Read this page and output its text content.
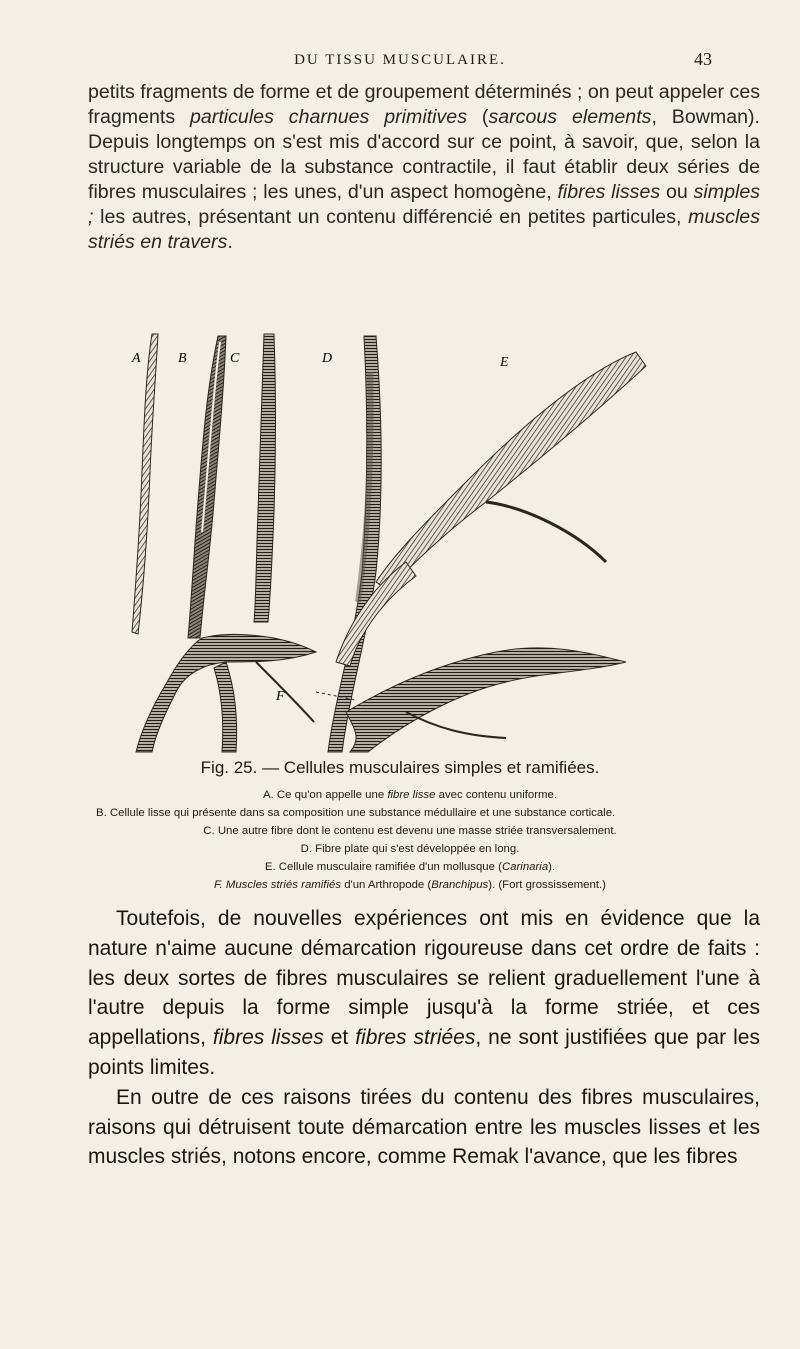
DU TISSU MUSCULAIRE.	43

petits fragments de forme et de groupement déterminés ; on peut appeler ces fragments particules charnues primitives (sarcous elements, Bowman). Depuis longtemps on s'est mis d'accord sur ce point, à savoir, que, selon la structure variable de la substance contractile, il faut établir deux séries de fibres musculaires ; les unes, d'un aspect homogène, fibres lisses ou simples ; les autres, présentant un contenu différencié en petites particules, muscles striés en travers.

A	B	C	D	E
F
Fig. 25. — Cellules musculaires simples et ramifiées.
A. Ce qu'on appelle une fibre lisse avec contenu uniforme.
B. Cellule lisse qui présente dans sa composition une substance médullaire et une substance corticale.
C. Une autre fibre dont le contenu est devenu une masse striée transversalement.
D. Fibre plate qui s'est développée en long.
E. Cellule musculaire ramifiée d'un mollusque (Carinaria).
F. Muscles striés ramifiés d'un Arthropode (Branchipus). (Fort grossissement.)

Toutefois, de nouvelles expériences ont mis en évidence que la nature n'aime aucune démarcation rigoureuse dans cet ordre de faits : les deux sortes de fibres musculaires se relient graduellement l'une à l'autre depuis la forme simple jusqu'à la forme striée, et ces appellations, fibres lisses et fibres striées, ne sont justifiées que par les points limites.

En outre de ces raisons tirées du contenu des fibres musculaires, raisons qui détruisent toute démarcation entre les muscles lisses et les muscles striés, notons encore, comme Remak l'avance, que les fibres
